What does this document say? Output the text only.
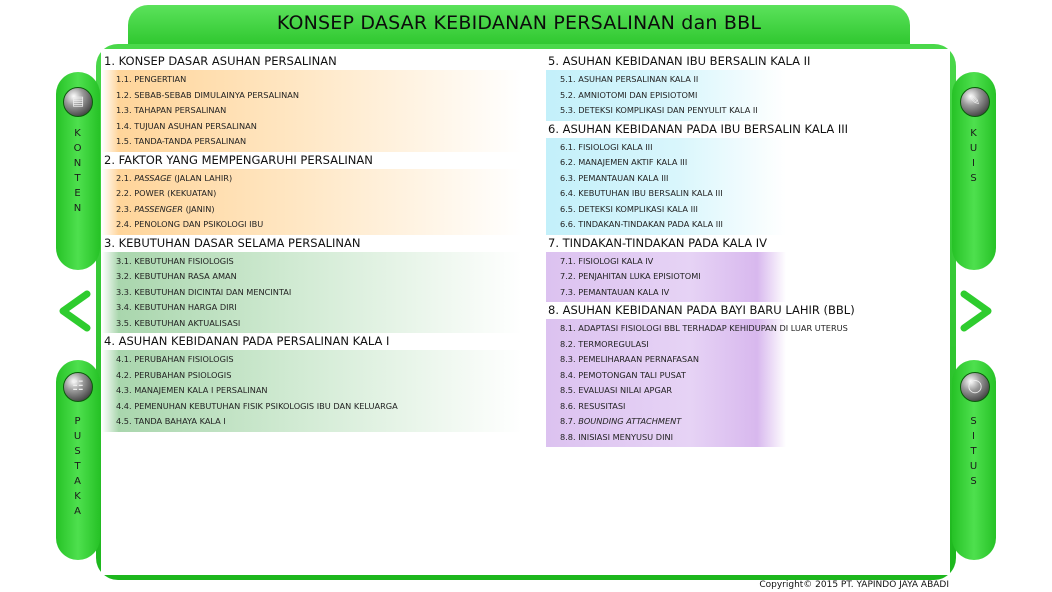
KONSEP DASAR KEBIDANAN PERSALINAN dan BBL
▤
K
O
N
T
E
N
☷
P
U
S
T
A
K
A
✎
K
U
I
S
◯
S
I
T
U
S
1. KONSEP DASAR ASUHAN PERSALINAN
1.1. PENGERTIAN
1.2. SEBAB-SEBAB DIMULAINYA PERSALINAN
1.3. TAHAPAN PERSALINAN
1.4. TUJUAN ASUHAN PERSALINAN
1.5. TANDA-TANDA PERSALINAN
2. FAKTOR YANG MEMPENGARUHI PERSALINAN
2.1. PASSAGE (JALAN LAHIR)
2.2. POWER (KEKUATAN)
2.3. PASSENGER (JANIN)
2.4. PENOLONG DAN PSIKOLOGI IBU
3. KEBUTUHAN DASAR SELAMA PERSALINAN
3.1. KEBUTUHAN FISIOLOGIS
3.2. KEBUTUHAN RASA AMAN
3.3. KEBUTUHAN DICINTAI DAN MENCINTAI
3.4. KEBUTUHAN HARGA DIRI
3.5. KEBUTUHAN AKTUALISASI
4. ASUHAN KEBIDANAN PADA PERSALINAN KALA I
4.1. PERUBAHAN FISIOLOGIS
4.2. PERUBAHAN PSIOLOGIS
4.3. MANAJEMEN KALA I PERSALINAN
4.4. PEMENUHAN KEBUTUHAN FISIK PSIKOLOGIS IBU DAN KELUARGA
4.5. TANDA BAHAYA KALA I
5. ASUHAN KEBIDANAN IBU BERSALIN KALA II
5.1. ASUHAN PERSALINAN KALA II
5.2. AMNIOTOMI DAN EPISIOTOMI
5.3. DETEKSI KOMPLIKASI DAN PENYULIT KALA II
6. ASUHAN KEBIDANAN PADA IBU BERSALIN KALA III
6.1. FISIOLOGI KALA III
6.2. MANAJEMEN AKTIF KALA III
6.3. PEMANTAUAN KALA III
6.4. KEBUTUHAN IBU BERSALIN KALA III
6.5. DETEKSI KOMPLIKASI KALA III
6.6. TINDAKAN-TINDAKAN PADA KALA III
7. TINDAKAN-TINDAKAN PADA KALA IV
7.1. FISIOLOGI KALA IV
7.2. PENJAHITAN LUKA EPISIOTOMI
7.3. PEMANTAUAN KALA IV
8. ASUHAN KEBIDANAN PADA BAYI BARU LAHIR (BBL)
8.1. ADAPTASI FISIOLOGI BBL TERHADAP KEHIDUPAN DI LUAR UTERUS
8.2. TERMOREGULASI
8.3. PEMELIHARAAN PERNAFASAN
8.4. PEMOTONGAN TALI PUSAT
8.5. EVALUASI NILAI APGAR
8.6. RESUSITASI
8.7. BOUNDING ATTACHMENT
8.8. INISIASI MENYUSU DINI
Copyright© 2015 PT. YAPINDO JAYA ABADI
